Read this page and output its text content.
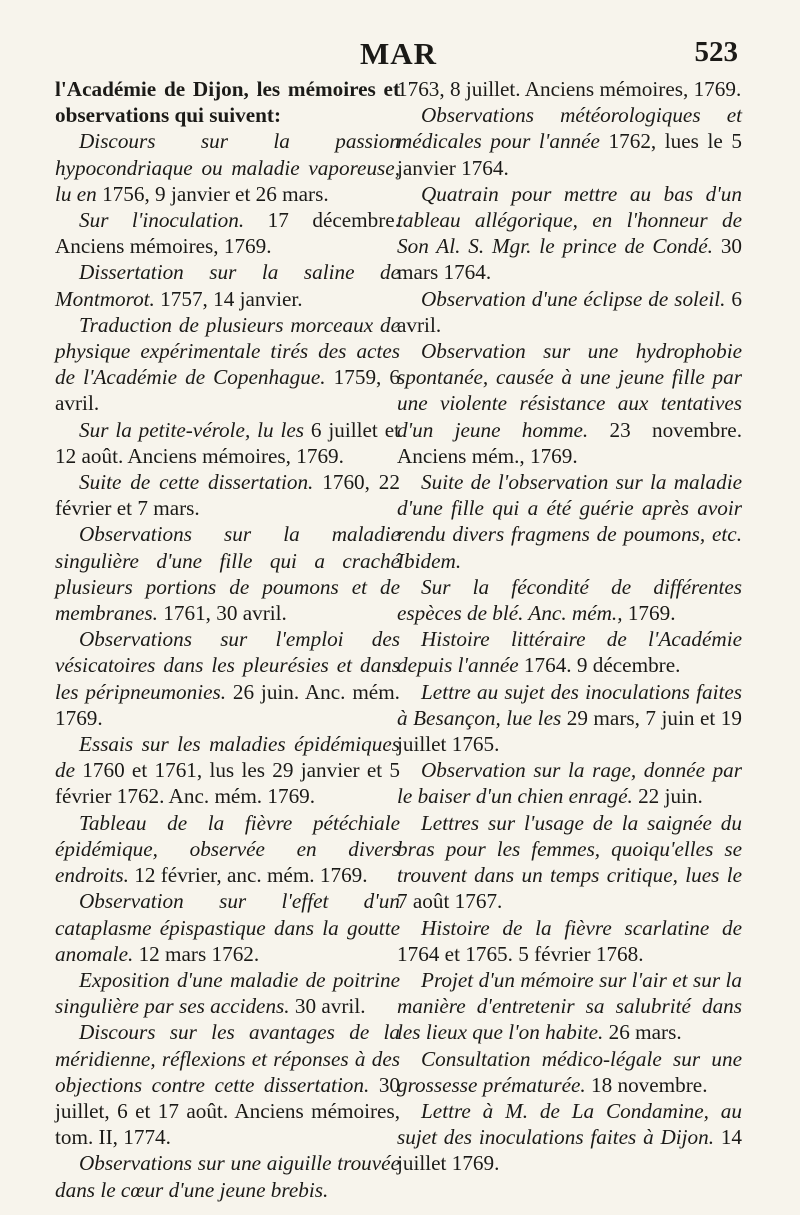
MAR	523

l'Académie de Dijon, les mémoires et observations qui suivent:

Discours sur la passion hypocondriaque ou maladie vaporeuse, lu en 1756, 9 janvier et 26 mars.

Sur l'inoculation. 17 décembre. Anciens mémoires, 1769.

Dissertation sur la saline de Montmorot. 1757, 14 janvier.

Traduction de plusieurs morceaux de physique expérimentale tirés des actes de l'Académie de Copenhague. 1759, 6 avril.

Sur la petite-vérole, lu les 6 juillet et 12 août. Anciens mémoires, 1769.

Suite de cette dissertation. 1760, 22 février et 7 mars.

Observations sur la maladie singulière d'une fille qui a craché plusieurs portions de poumons et de membranes. 1761, 30 avril.

Observations sur l'emploi des vésicatoires dans les pleurésies et dans les péripneumonies. 26 juin. Anc. mém. 1769.

Essais sur les maladies épidémiques de 1760 et 1761, lus les 29 janvier et 5 février 1762. Anc. mém. 1769.

Tableau de la fièvre pétéchiale épidémique, observée en divers endroits. 12 février, anc. mém. 1769.

Observation sur l'effet d'un cataplasme épispastique dans la goutte anomale. 12 mars 1762.

Exposition d'une maladie de poitrine singulière par ses accidens. 30 avril.

Discours sur les avantages de la méridienne, réflexions et réponses à des objections contre cette dissertation. 30 juillet, 6 et 17 août. Anciens mémoires, tom. II, 1774.

Observations sur une aiguille trouvée dans le cœur d'une jeune brebis.

1763, 8 juillet. Anciens mémoires, 1769.

Observations météorologiques et médicales pour l'année 1762, lues le 5 janvier 1764.

Quatrain pour mettre au bas d'un tableau allégorique, en l'honneur de Son Al. S. Mgr. le prince de Condé. 30 mars 1764.

Observation d'une éclipse de soleil. 6 avril.

Observation sur une hydrophobie spontanée, causée à une jeune fille par une violente résistance aux tentatives d'un jeune homme. 23 novembre. Anciens mém., 1769.

Suite de l'observation sur la maladie d'une fille qui a été guérie après avoir rendu divers fragmens de poumons, etc. Ibidem.

Sur la fécondité de différentes espèces de blé. Anc. mém., 1769.

Histoire littéraire de l'Académie depuis l'année 1764. 9 décembre.

Lettre au sujet des inoculations faites à Besançon, lue les 29 mars, 7 juin et 19 juillet 1765.

Observation sur la rage, donnée par le baiser d'un chien enragé. 22 juin.

Lettres sur l'usage de la saignée du bras pour les femmes, quoiqu'elles se trouvent dans un temps critique, lues le 7 août 1767.

Histoire de la fièvre scarlatine de 1764 et 1765. 5 février 1768.

Projet d'un mémoire sur l'air et sur la manière d'entretenir sa salubrité dans les lieux que l'on habite. 26 mars.

Consultation médico-légale sur une grossesse prématurée. 18 novembre.

Lettre à M. de La Condamine, au sujet des inoculations faites à Dijon. 14 juillet 1769.
